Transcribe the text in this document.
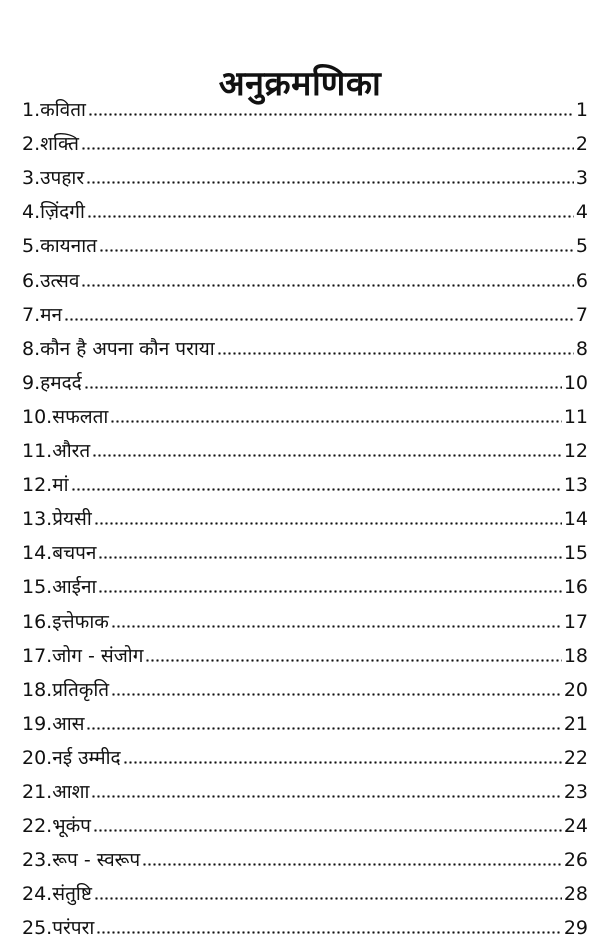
अनुक्रमणिका
1. कविता	1
2. शक्ति	2
3. उपहार	3
4. ज़िंदगी	4
5. कायनात	5
6. उत्सव	6
7. मन	7
8. कौन है अपना कौन पराया	8
9. हमदर्द	10
10. सफलता	11
11. औरत	12
12. मां	13
13. प्रेयसी	14
14. बचपन	15
15. आईना	16
16. इत्तेफाक	17
17. जोग - संजोग	18
18. प्रतिकृति	20
19. आस	21
20. नई उम्मीद	22
21. आशा	23
22. भूकंप	24
23. रूप - स्वरूप	26
24. संतुष्टि	28
25. परंपरा	29
